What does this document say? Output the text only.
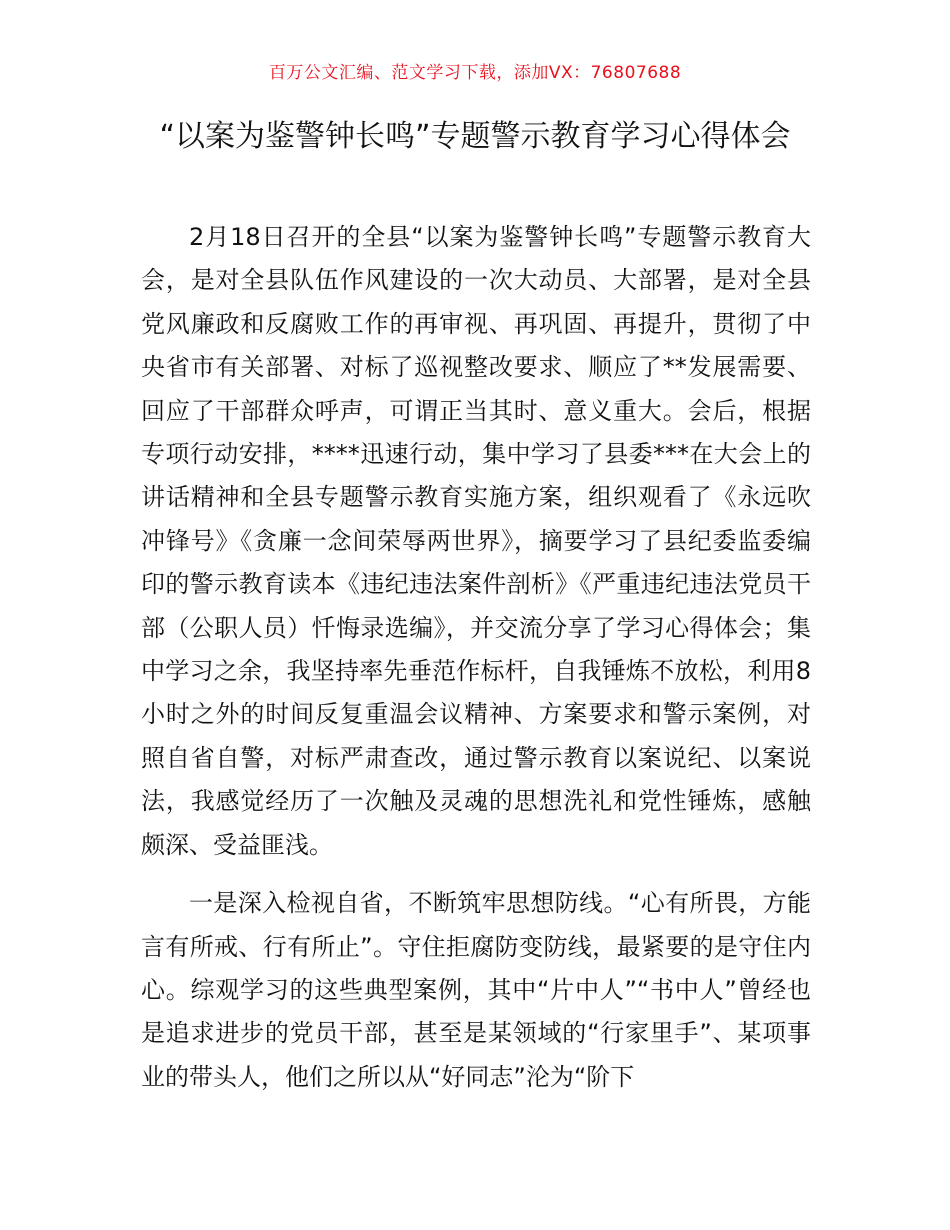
百万公文汇编、范文学习下载，添加VX：76807688
“以案为鉴警钟长鸣”专题警示教育学习心得体会

2月18日召开的全县“以案为鉴警钟长鸣”专题警示教育大会，是对全县队伍作风建设的一次大动员、大部署，是对全县党风廉政和反腐败工作的再审视、再巩固、再提升，贯彻了中央省市有关部署、对标了巡视整改要求、顺应了**发展需要、回应了干部群众呼声，可谓正当其时、意义重大。会后，根据专项行动安排，****迅速行动，集中学习了县委***在大会上的讲话精神和全县专题警示教育实施方案，组织观看了《永远吹冲锋号》《贪廉一念间荣辱两世界》，摘要学习了县纪委监委编印的警示教育读本《违纪违法案件剖析》《严重违纪违法党员干部（公职人员）忏悔录选编》，并交流分享了学习心得体会；集中学习之余，我坚持率先垂范作标杆，自我锤炼不放松，利用8小时之外的时间反复重温会议精神、方案要求和警示案例，对照自省自警，对标严肃查改，通过警示教育以案说纪、以案说法，我感觉经历了一次触及灵魂的思想洗礼和党性锤炼，感触颇深、受益匪浅。

一是深入检视自省，不断筑牢思想防线。“心有所畏，方能言有所戒、行有所止”。守住拒腐防变防线，最紧要的是守住内心。综观学习的这些典型案例，其中“片中人”“书中人”曾经也是追求进步的党员干部，甚至是某领域的“行家里手”、某项事业的带头人，他们之所以从“好同志”沦为“阶下
